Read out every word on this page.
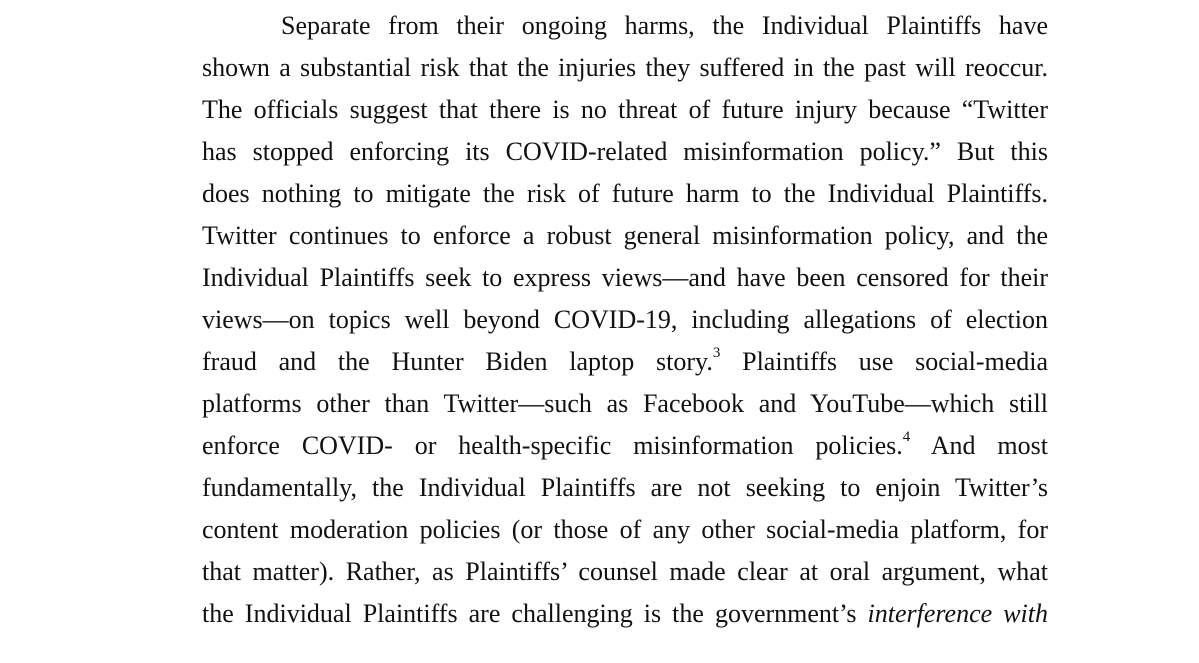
Separate from their ongoing harms, the Individual Plaintiffs have
shown a substantial risk that the injuries they suffered in the past will reoccur.
The officials suggest that there is no threat of future injury because “Twitter
has stopped enforcing its COVID-related misinformation policy.” But this
does nothing to mitigate the risk of future harm to the Individual Plaintiffs.
Twitter continues to enforce a robust general misinformation policy, and the
Individual Plaintiffs seek to express views—and have been censored for their
views—on topics well beyond COVID-19, including allegations of election
fraud and the Hunter Biden laptop story.$^3$ Plaintiffs use social-media
platforms other than Twitter—such as Facebook and YouTube—which still
enforce COVID- or health-specific misinformation policies.$^4$ And most
fundamentally, the Individual Plaintiffs are not seeking to enjoin Twitter’s
content moderation policies (or those of any other social-media platform, for
that matter). Rather, as Plaintiffs’ counsel made clear at oral argument, what
the Individual Plaintiffs are challenging is the government’s interference with
